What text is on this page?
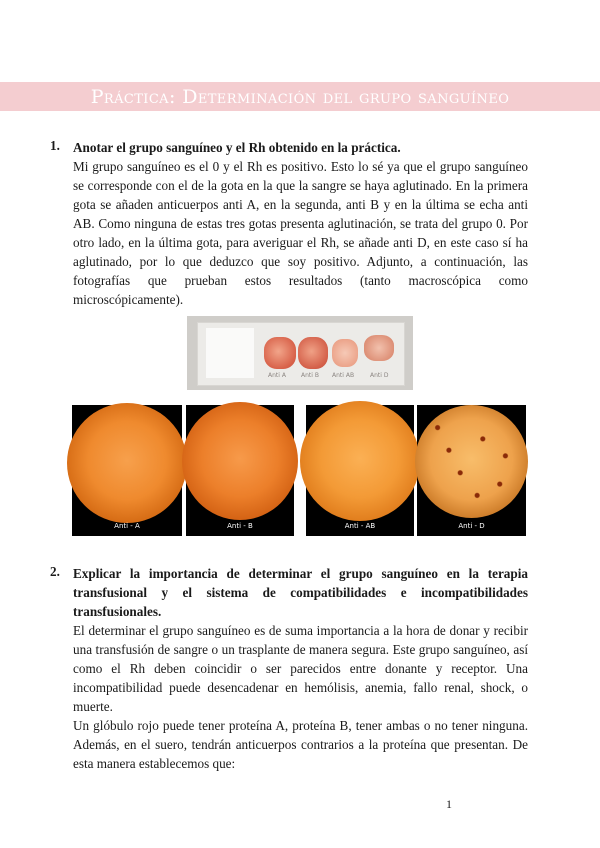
Práctica: Determinación del grupo sanguíneo
1. Anotar el grupo sanguíneo y el Rh obtenido en la práctica.
Mi grupo sanguíneo es el 0 y el Rh es positivo. Esto lo sé ya que el grupo sanguíneo se corresponde con el de la gota en la que la sangre se haya aglutinado. En la primera gota se añaden anticuerpos anti A, en la segunda, anti B y en la última se echa anti AB. Como ninguna de estas tres gotas presenta aglutinación, se trata del grupo 0. Por otro lado, en la última gota, para averiguar el Rh, se añade anti D, en este caso sí ha aglutinado, por lo que deduzco que soy positivo. Adjunto, a continuación, las fotografías que prueban estos resultados (tanto macroscópica como microscópicamente).
Anti A	Anti B Anti AB	Anti D
Anti - A	Anti - B	Anti - AB	Anti - D
2. Explicar la importancia de determinar el grupo sanguíneo en la terapia transfusional y el sistema de compatibilidades e incompatibilidades transfusionales.
El determinar el grupo sanguíneo es de suma importancia a la hora de donar y recibir una transfusión de sangre o un trasplante de manera segura. Este grupo sanguíneo, así como el Rh deben coincidir o ser parecidos entre donante y receptor. Una incompatibilidad puede desencadenar en hemólisis, anemia, fallo renal, shock, o muerte.
Un glóbulo rojo puede tener proteína A, proteína B, tener ambas o no tener ninguna. Además, en el suero, tendrán anticuerpos contrarios a la proteína que presentan. De esta manera establecemos que:
1
